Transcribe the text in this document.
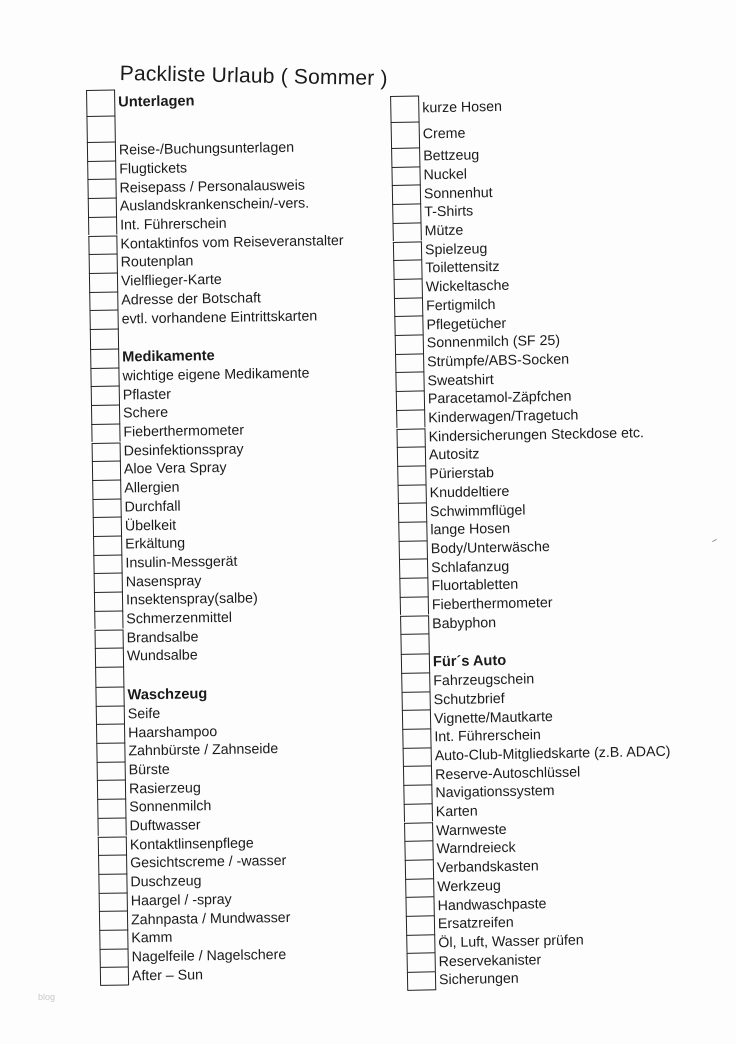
Packliste Urlaub ( Sommer )
Unterlagen
Reise-/Buchungsunterlagen
Flugtickets
Reisepass / Personalausweis
Auslandskrankenschein/-vers.
Int. Führerschein
Kontaktinfos vom Reiseveranstalter
Routenplan
Vielflieger-Karte
Adresse der Botschaft
evtl. vorhandene Eintrittskarten
Medikamente
wichtige eigene Medikamente
Pflaster
Schere
Fieberthermometer
Desinfektionsspray
Aloe Vera Spray
Allergien
Durchfall
Übelkeit
Erkältung
Insulin-Messgerät
Nasenspray
Insektenspray(salbe)
Schmerzenmittel
Brandsalbe
Wundsalbe
Waschzeug
Seife
Haarshampoo
Zahnbürste / Zahnseide
Bürste
Rasierzeug
Sonnenmilch
Duftwasser
Kontaktlinsenpflege
Gesichtscreme / -wasser
Duschzeug
Haargel / -spray
Zahnpasta / Mundwasser
Kamm
Nagelfeile / Nagelschere
After – Sun
kurze Hosen
Creme
Bettzeug
Nuckel
Sonnenhut
T-Shirts
Mütze
Spielzeug
Toilettensitz
Wickeltasche
Fertigmilch
Pflegetücher
Sonnenmilch (SF 25)
Strümpfe/ABS-Socken
Sweatshirt
Paracetamol-Zäpfchen
Kinderwagen/Tragetuch
Kindersicherungen Steckdose etc.
Autositz
Pürierstab
Knuddeltiere
Schwimmflügel
lange Hosen
Body/Unterwäsche
Schlafanzug
Fluortabletten
Fieberthermometer
Babyphon
Für´s Auto
Fahrzeugschein
Schutzbrief
Vignette/Mautkarte
Int. Führerschein
Auto-Club-Mitgliedskarte (z.B. ADAC)
Reserve-Autoschlüssel
Navigationssystem
Karten
Warnweste
Warndreieck
Verbandskasten
Werkzeug
Handwaschpaste
Ersatzreifen
Öl, Luft, Wasser prüfen
Reservekanister
Sicherungen
blog
